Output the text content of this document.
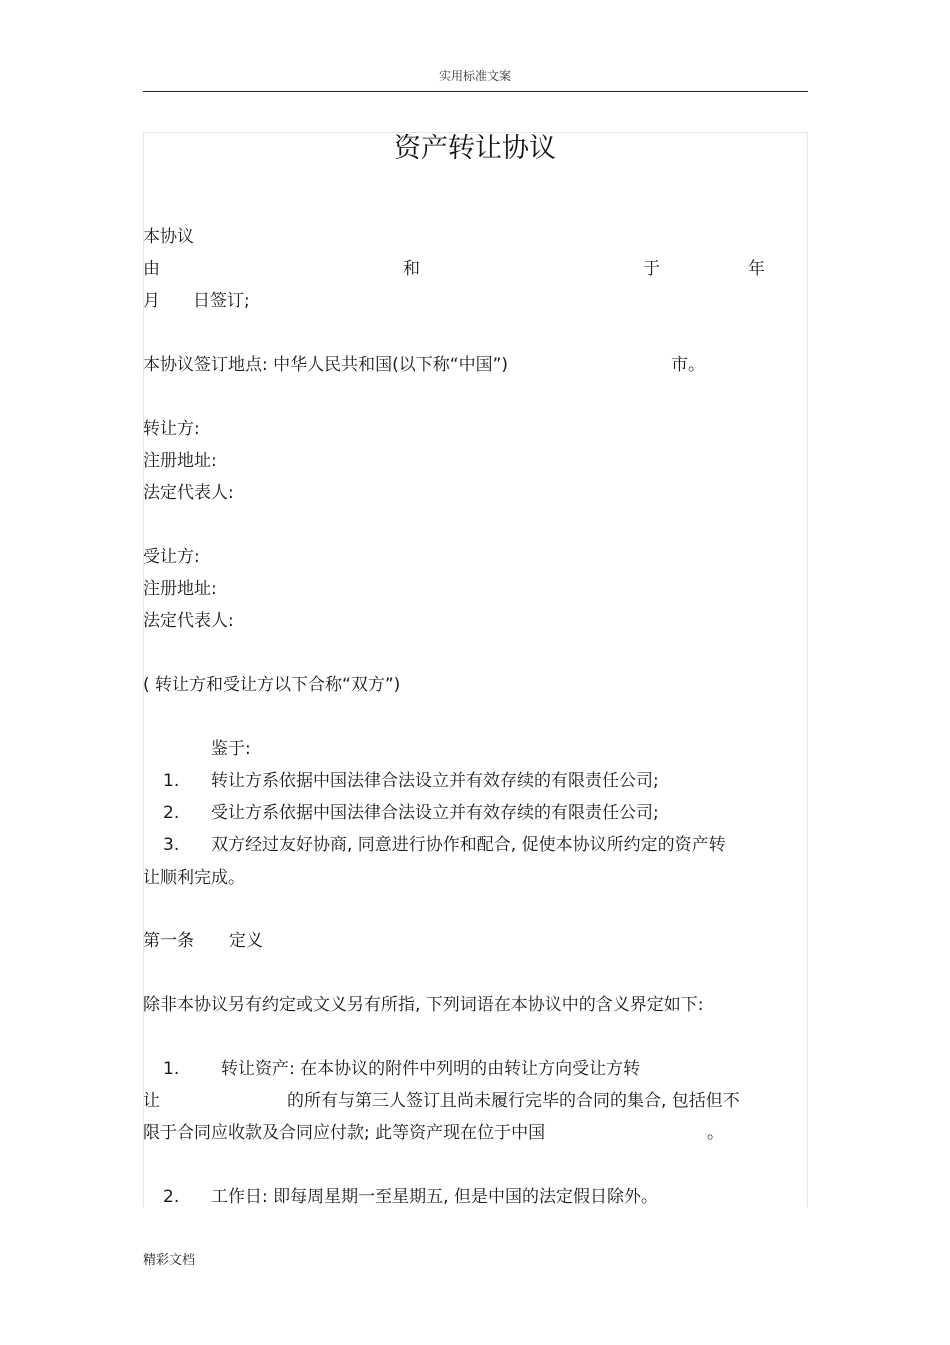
实用标准文案
资产转让协议
本协议
由	和	于	年
月 日签订;
本协议签订地点: 中华人民共和国(以下称“中国”)	市。
转让方:
注册地址:
法定代表人:
受让方:
注册地址:
法定代表人:
( 转让方和受让方以下合称“双方”)
鉴于:
1. 转让方系依据中国法律合法设立并有效存续的有限责任公司;
2. 受让方系依据中国法律合法设立并有效存续的有限责任公司;
3. 双方经过友好协商, 同意进行协作和配合, 促使本协议所约定的资产转
让顺利完成。
第一条 定义
除非本协议另有约定或文义另有所指, 下列词语在本协议中的含义界定如下:
1. 转让资产: 在本协议的附件中列明的由转让方向受让方转
让	的所有与第三人签订且尚未履行完毕的合同的集合, 包括但不
限于合同应收款及合同应付款; 此等资产现在位于中国	。
2. 工作日: 即每周星期一至星期五, 但是中国的法定假日除外。
精彩文档
